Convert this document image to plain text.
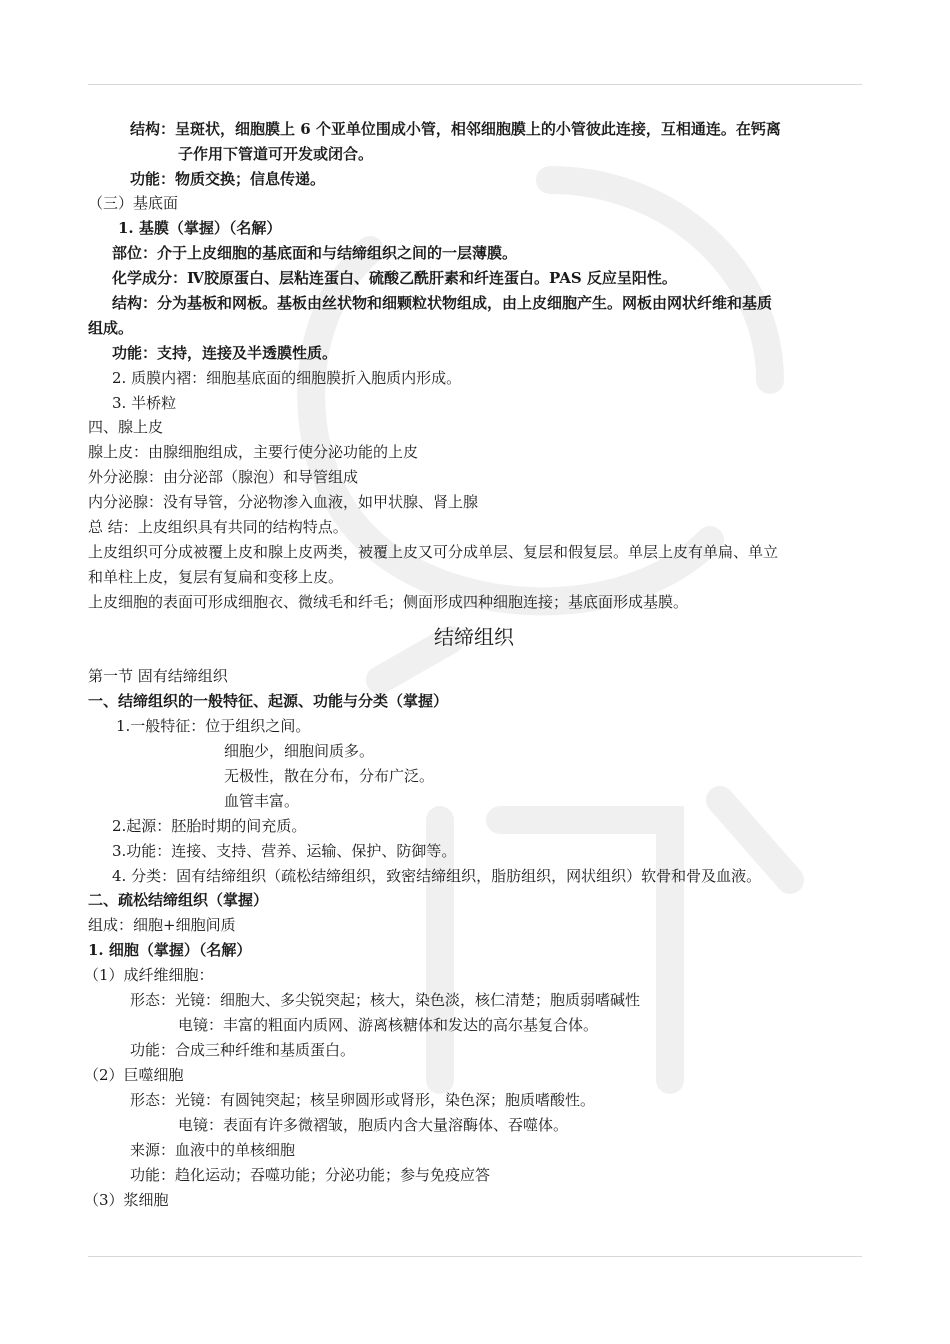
结构：呈斑状，细胞膜上 6 个亚单位围成小管，相邻细胞膜上的小管彼此连接，互相通连。在钙离
子作用下管道可开发或闭合。
功能：物质交换；信息传递。
（三）基底面
1. 基膜（掌握）（名解）
部位：介于上皮细胞的基底面和与结缔组织之间的一层薄膜。
化学成分：Ⅳ胶原蛋白、层粘连蛋白、硫酸乙酰肝素和纤连蛋白。PAS 反应呈阳性。
结构：分为基板和网板。基板由丝状物和细颗粒状物组成，由上皮细胞产生。网板由网状纤维和基质
组成。
功能：支持，连接及半透膜性质。
2. 质膜内褶：细胞基底面的细胞膜折入胞质内形成。
3. 半桥粒
四、腺上皮
腺上皮：由腺细胞组成，主要行使分泌功能的上皮
外分泌腺：由分泌部（腺泡）和导管组成
内分泌腺：没有导管，分泌物渗入血液，如甲状腺、肾上腺
总 结：上皮组织具有共同的结构特点。
上皮组织可分成被覆上皮和腺上皮两类，被覆上皮又可分成单层、复层和假复层。单层上皮有单扁、单立
和单柱上皮，复层有复扁和变移上皮。
上皮细胞的表面可形成细胞衣、微绒毛和纤毛；侧面形成四种细胞连接；基底面形成基膜。
结缔组织
第一节 固有结缔组织
一、结缔组织的一般特征、起源、功能与分类（掌握）
1.一般特征：位于组织之间。
细胞少，细胞间质多。
无极性，散在分布，分布广泛。
血管丰富。
2.起源：胚胎时期的间充质。
3.功能：连接、支持、营养、运输、保护、防御等。
4. 分类：固有结缔组织（疏松结缔组织，致密结缔组织，脂肪组织，网状组织）软骨和骨及血液。
二、疏松结缔组织（掌握）
组成：细胞+细胞间质
1. 细胞（掌握）（名解）
（1）成纤维细胞：
形态：光镜：细胞大、多尖锐突起；核大，染色淡，核仁清楚；胞质弱嗜碱性
电镜：丰富的粗面内质网、游离核糖体和发达的高尔基复合体。
功能：合成三种纤维和基质蛋白。
（2）巨噬细胞
形态：光镜：有圆钝突起；核呈卵圆形或肾形，染色深；胞质嗜酸性。
电镜：表面有许多微褶皱，胞质内含大量溶酶体、吞噬体。
来源：血液中的单核细胞
功能：趋化运动；吞噬功能；分泌功能；参与免疫应答
（3）浆细胞
